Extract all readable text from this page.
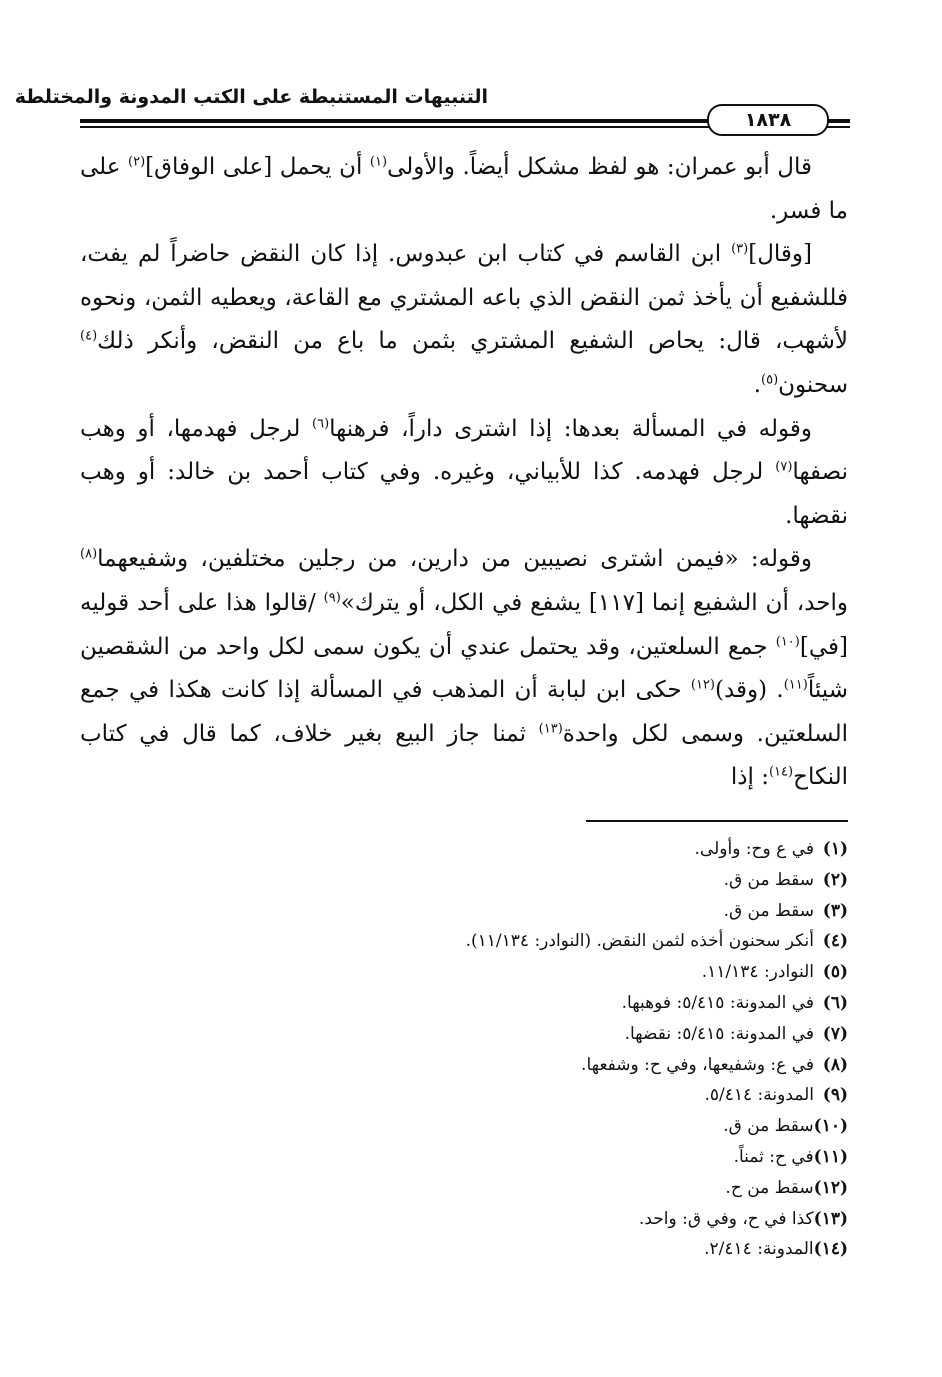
التنبيهات المستنبطة على الكتب المدونة والمختلطة
١٨٣٨

قال أبو عمران: هو لفظ مشكل أيضاً. والأولى$^{(١)}$ أن يحمل [على الوفاق]$^{(٢)}$ على ما فسر.

[وقال]$^{(٣)}$ ابن القاسم في كتاب ابن عبدوس. إذا كان النقض حاضراً لم يفت، فللشفيع أن يأخذ ثمن النقض الذي باعه المشتري مع القاعة، ويعطيه الثمن، ونحوه لأشهب، قال: يحاص الشفيع المشتري بثمن ما باع من النقض، وأنكر ذلك$^{(٤)}$ سحنون$^{(٥)}$.

وقوله في المسألة بعدها: إذا اشترى داراً، فرهنها$^{(٦)}$ لرجل فهدمها، أو وهب نصفها$^{(٧)}$ لرجل فهدمه. كذا للأبياني، وغيره. وفي كتاب أحمد بن خالد: أو وهب نقضها.

وقوله: «فيمن اشترى نصيبين من دارين، من رجلين مختلفين، وشفيعهما$^{(٨)}$ واحد، أن الشفيع إنما [١١٧] يشفع في الكل، أو يترك»$^{(٩)}$ /قالوا هذا على أحد قوليه [في]$^{(١٠)}$ جمع السلعتين، وقد يحتمل عندي أن يكون سمى لكل واحد من الشقصين شيئاً$^{(١١)}$. (وقد)$^{(١٢)}$ حكى ابن لبابة أن المذهب في المسألة إذا كانت هكذا في جمع السلعتين. وسمى لكل واحدة$^{(١٣)}$ ثمنا جاز البيع بغير خلاف، كما قال في كتاب النكاح$^{(١٤)}$: إذا

(١)في ع وح: وأولى.
(٢)سقط من ق.
(٣)سقط من ق.
(٤)أنكر سحنون أخذه لثمن النقض. (النوادر: ١١/١٣٤).
(٥)النوادر: ١١/١٣٤.
(٦)في المدونة: ٥/٤١٥: فوهبها.
(٧)في المدونة: ٥/٤١٥: نقضها.
(٨)في ع: وشفيعها، وفي ح: وشفعها.
(٩)المدونة: ٥/٤١٤.
(١٠)سقط من ق.
(١١)في ح: ثمناً.
(١٢)سقط من ح.
(١٣)كذا في ح، وفي ق: واحد.
(١٤)المدونة: ٢/٤١٤.
